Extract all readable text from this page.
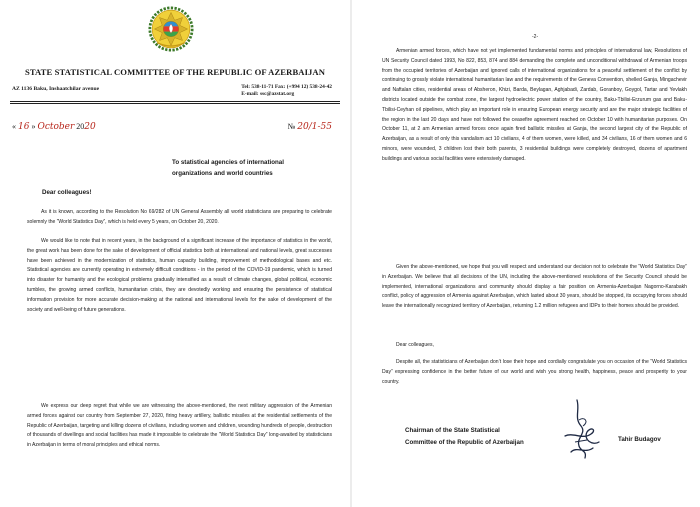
STATE STATISTICAL COMMITTEE OF THE REPUBLIC OF AZERBAIJAN
AZ 1136 Baku, Inshaatchilar avenue	Tel: 538-11-71 Fax: (+994 12) 538-24-42
E-mail: ssc@azstat.org
« 16 » October 2020	№ 20/1-55
To statistical agencies of international
organizations and world countries
Dear colleagues!

As it is known, according to the Resolution No 69/282 of UN General Assembly all world statisticians are preparing to celebrate solemnly the “World Statistics Day”, which is held every 5 years, on October 20, 2020.

We would like to note that in recent years, in the background of a significant increase of the importance of statistics in the world, the great work has been done for the sake of development of official statistics both at international and national levels, great successes have been achieved in the modernization of statistics, human capacity building, improvement of methodological bases and etc. Statistical agencies are currently operating in extremely difficult conditions - in the period of the COVID-19 pandemic, which is turned into disaster for humanity and the ecological problems gradually intensified as a result of climate changes, global political, economic tumbles, the growing armed conflicts, humanitarian crisis, they are devotedly working and ensuring the persistence of statistical information provision for more accurate decision-making at the national and international levels for the sake of development of the society and well-being of future generations.

We express our deep regret that while we are witnessing the above-mentioned, the next military aggression of the Armenian armed forces against our country from September 27, 2020, firing heavy artillery, ballistic missiles at the residential settlements of the Republic of Azerbaijan, targeting and killing dozens of civilians, including women and children, wounding hundreds of people, destruction of thousands of dwellings and social facilities has made it impossible to celebrate the “World Statistics Day” long-awaited by statisticians in Azerbaijan in terms of moral principles and ethical norms.

-2-

Armenian armed forces, which have not yet implemented fundamental norms and principles of international law, Resolutions of UN Security Council dated 1993, No 822, 853, 874 and 884 demanding the complete and unconditional withdrawal of Armenian troops from the occupied territories of Azerbaijan and ignored calls of international organizations for a peaceful settlement of the conflict by continuing to grossly violate international humanitarian law and the requirements of the Geneva Convention, shelled Ganja, Mingachevir and Naftalan cities, residential areas of Absheron, Khizi, Barda, Beylagan, Aghjabadi, Zardab, Goranboy, Goygol, Tartar and Yevlakh districts located outside the combat zone, the largest hydroelectric power station of the country, Baku-Tbilisi-Erzurum gas and Baku-Tbilisi-Ceyhan oil pipelines, which play an important role in ensuring European energy security and are the major strategic facilities of the region in the last 20 days and have not followed the ceasefire agreement reached on October 10 with humanitarian purposes. On October 11, at 2 am Armenian armed forces once again fired ballistic missiles at Ganja, the second largest city of the Republic of Azerbaijan, as a result of only this vandalism act 10 civilians, 4 of them women, were killed, and 34 civilians, 16 of them women and 6 minors, were wounded, 3 children lost their both parents, 3 residential buildings were completely destroyed, dozens of apartment buildings and various social facilities were extensively damaged.

Given the above-mentioned, we hope that you will respect and understand our decision not to celebrate the “World Statistics Day” in Azerbaijan. We believe that all decisions of the UN, including the above-mentioned resolutions of the Security Council should be implemented, international organizations and community should display a fair position on Armenia-Azerbaijan Nagorno-Karabakh conflict, policy of aggression of Armenia against Azerbaijan, which lasted about 30 years, should be stopped, its occupying forces should leave the internationally recognized territory of Azerbaijan, returning 1.2 million refugees and IDPs to their homes should be provided.

Dear colleagues,

Despite all, the statisticians of Azerbaijan don’t lose their hope and cordially congratulate you on occasion of the “World Statistics Day” expressing confidence in the better future of our world and wish you strong health, happiness, peace and prosperity to your country.

Chairman of the State Statistical
Committee of the Republic of Azerbaijan	Tahir Budagov
